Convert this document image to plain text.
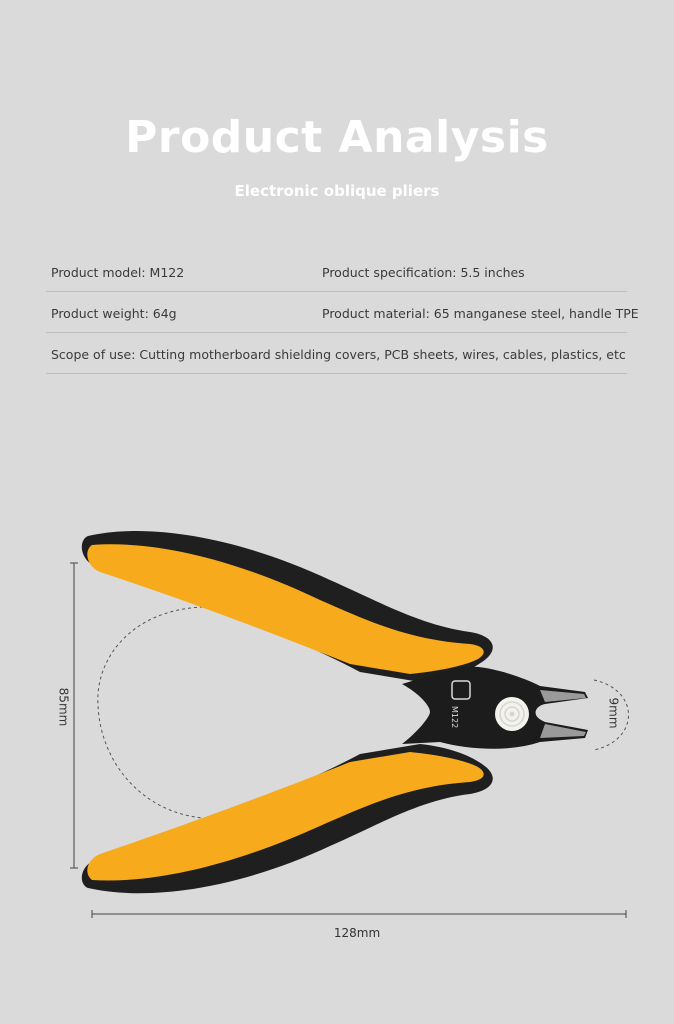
Product Analysis
Electronic oblique pliers
Product model: M122	Product specification: 5.5 inches
Product weight: 64g	Product material: 65 manganese steel, handle TPE
Scope of use: Cutting motherboard shielding covers, PCB sheets, wires, cables, plastics, etc
M122
85mm	9mm
128mm
